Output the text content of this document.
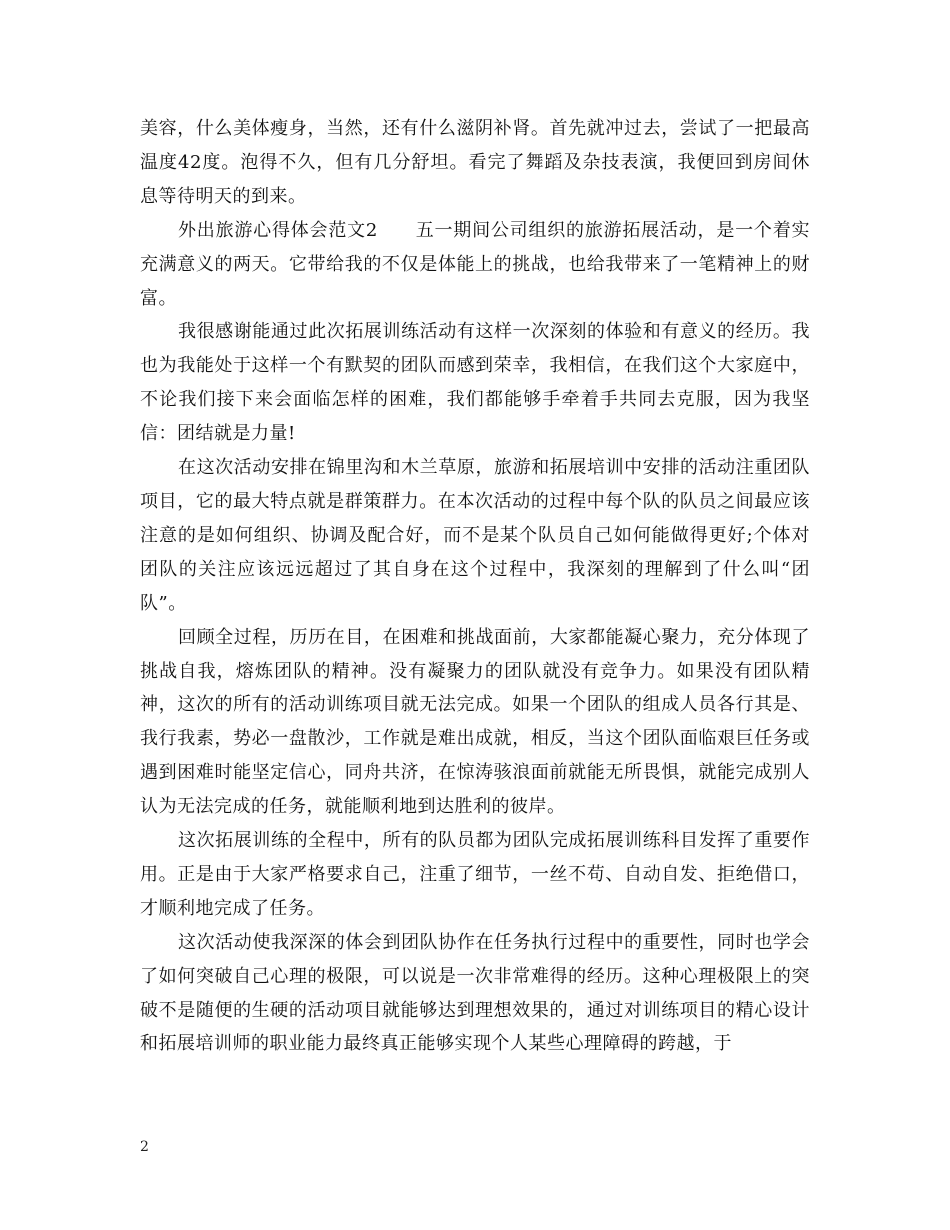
美容，什么美体瘦身，当然，还有什么滋阴补肾。首先就冲过去，尝试了一把最高温度42度。泡得不久，但有几分舒坦。看完了舞蹈及杂技表演，我便回到房间休息等待明天的到来。

外出旅游心得体会范文2　　五一期间公司组织的旅游拓展活动，是一个着实充满意义的两天。它带给我的不仅是体能上的挑战，也给我带来了一笔精神上的财富。

我很感谢能通过此次拓展训练活动有这样一次深刻的体验和有意义的经历。我也为我能处于这样一个有默契的团队而感到荣幸，我相信，在我们这个大家庭中，不论我们接下来会面临怎样的困难，我们都能够手牵着手共同去克服，因为我坚信：团结就是力量!

在这次活动安排在锦里沟和木兰草原，旅游和拓展培训中安排的活动注重团队项目，它的最大特点就是群策群力。在本次活动的过程中每个队的队员之间最应该注意的是如何组织、协调及配合好，而不是某个队员自己如何能做得更好;个体对团队的关注应该远远超过了其自身在这个过程中，我深刻的理解到了什么叫“团队”。

回顾全过程，历历在目，在困难和挑战面前，大家都能凝心聚力，充分体现了挑战自我，熔炼团队的精神。没有凝聚力的团队就没有竞争力。如果没有团队精神，这次的所有的活动训练项目就无法完成。如果一个团队的组成人员各行其是、我行我素，势必一盘散沙，工作就是难出成就，相反，当这个团队面临艰巨任务或遇到困难时能坚定信心，同舟共济，在惊涛骇浪面前就能无所畏惧，就能完成别人认为无法完成的任务，就能顺利地到达胜利的彼岸。

这次拓展训练的全程中，所有的队员都为团队完成拓展训练科目发挥了重要作用。正是由于大家严格要求自己，注重了细节，一丝不苟、自动自发、拒绝借口，才顺利地完成了任务。

这次活动使我深深的体会到团队协作在任务执行过程中的重要性，同时也学会了如何突破自己心理的极限，可以说是一次非常难得的经历。这种心理极限上的突破不是随便的生硬的活动项目就能够达到理想效果的，通过对训练项目的精心设计和拓展培训师的职业能力最终真正能够实现个人某些心理障碍的跨越，于

2
